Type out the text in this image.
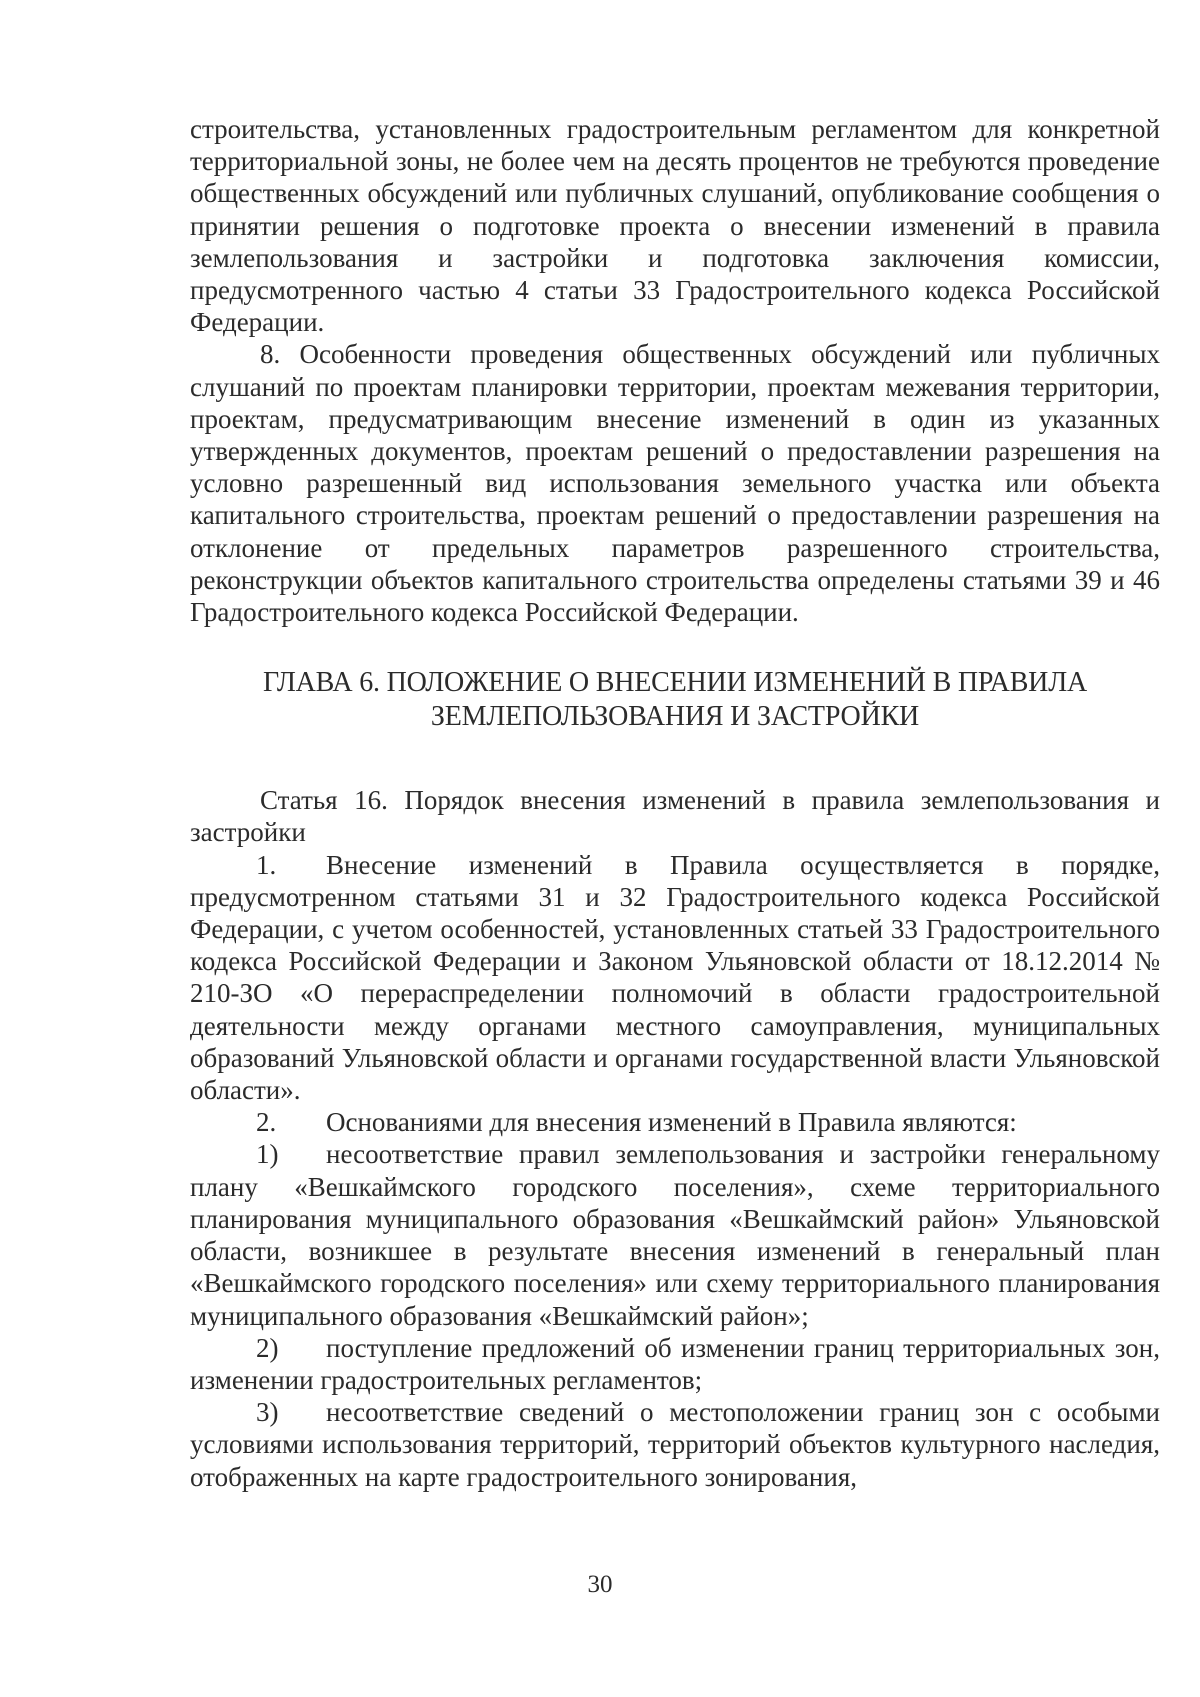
строительства, установленных градостроительным регламентом для конкретной территориальной зоны, не более чем на десять процентов не требуются проведение общественных обсуждений или публичных слушаний, опубликование сообщения о принятии решения о подготовке проекта о внесении изменений в правила землепользования и застройки и подготовка заключения комиссии, предусмотренного частью 4 статьи 33 Градостроительного кодекса Российской Федерации.

8. Особенности проведения общественных обсуждений или публичных слушаний по проектам планировки территории, проектам межевания территории, проектам, предусматривающим внесение изменений в один из указанных утвержденных документов, проектам решений о предоставлении разрешения на условно разрешенный вид использования земельного участка или объекта капитального строительства, проектам решений о предоставлении разрешения на отклонение от предельных параметров разрешенного строительства, реконструкции объектов капитального строительства определены статьями 39 и 46 Градостроительного кодекса Российской Федерации.

ГЛАВА 6. ПОЛОЖЕНИЕ О ВНЕСЕНИИ ИЗМЕНЕНИЙ В ПРАВИЛА
ЗЕМЛЕПОЛЬЗОВАНИЯ И ЗАСТРОЙКИ

Статья 16. Порядок внесения изменений в правила землепользования и застройки

1. Внесение изменений в Правила осуществляется в порядке, предусмотренном статьями 31 и 32 Градостроительного кодекса Российской Федерации, с учетом особенностей, установленных статьей 33 Градостроительного кодекса Российской Федерации и Законом Ульяновской области от 18.12.2014 № 210-ЗО «О перераспределении полномочий в области градостроительной деятельности между органами местного самоуправления, муниципальных образований Ульяновской области и органами государственной власти Ульяновской области».

2. Основаниями для внесения изменений в Правила являются:

1) несоответствие правил землепользования и застройки генеральному плану «Вешкаймского городского поселения», схеме территориального планирования муниципального образования «Вешкаймский район» Ульяновской области, возникшее в результате внесения изменений в генеральный план «Вешкаймского городского поселения» или схему территориального планирования муниципального образования «Вешкаймский район»;

2) поступление предложений об изменении границ территориальных зон, изменении градостроительных регламентов;

3) несоответствие сведений о местоположении границ зон с особыми условиями использования территорий, территорий объектов культурного наследия, отображенных на карте градостроительного зонирования,

30
